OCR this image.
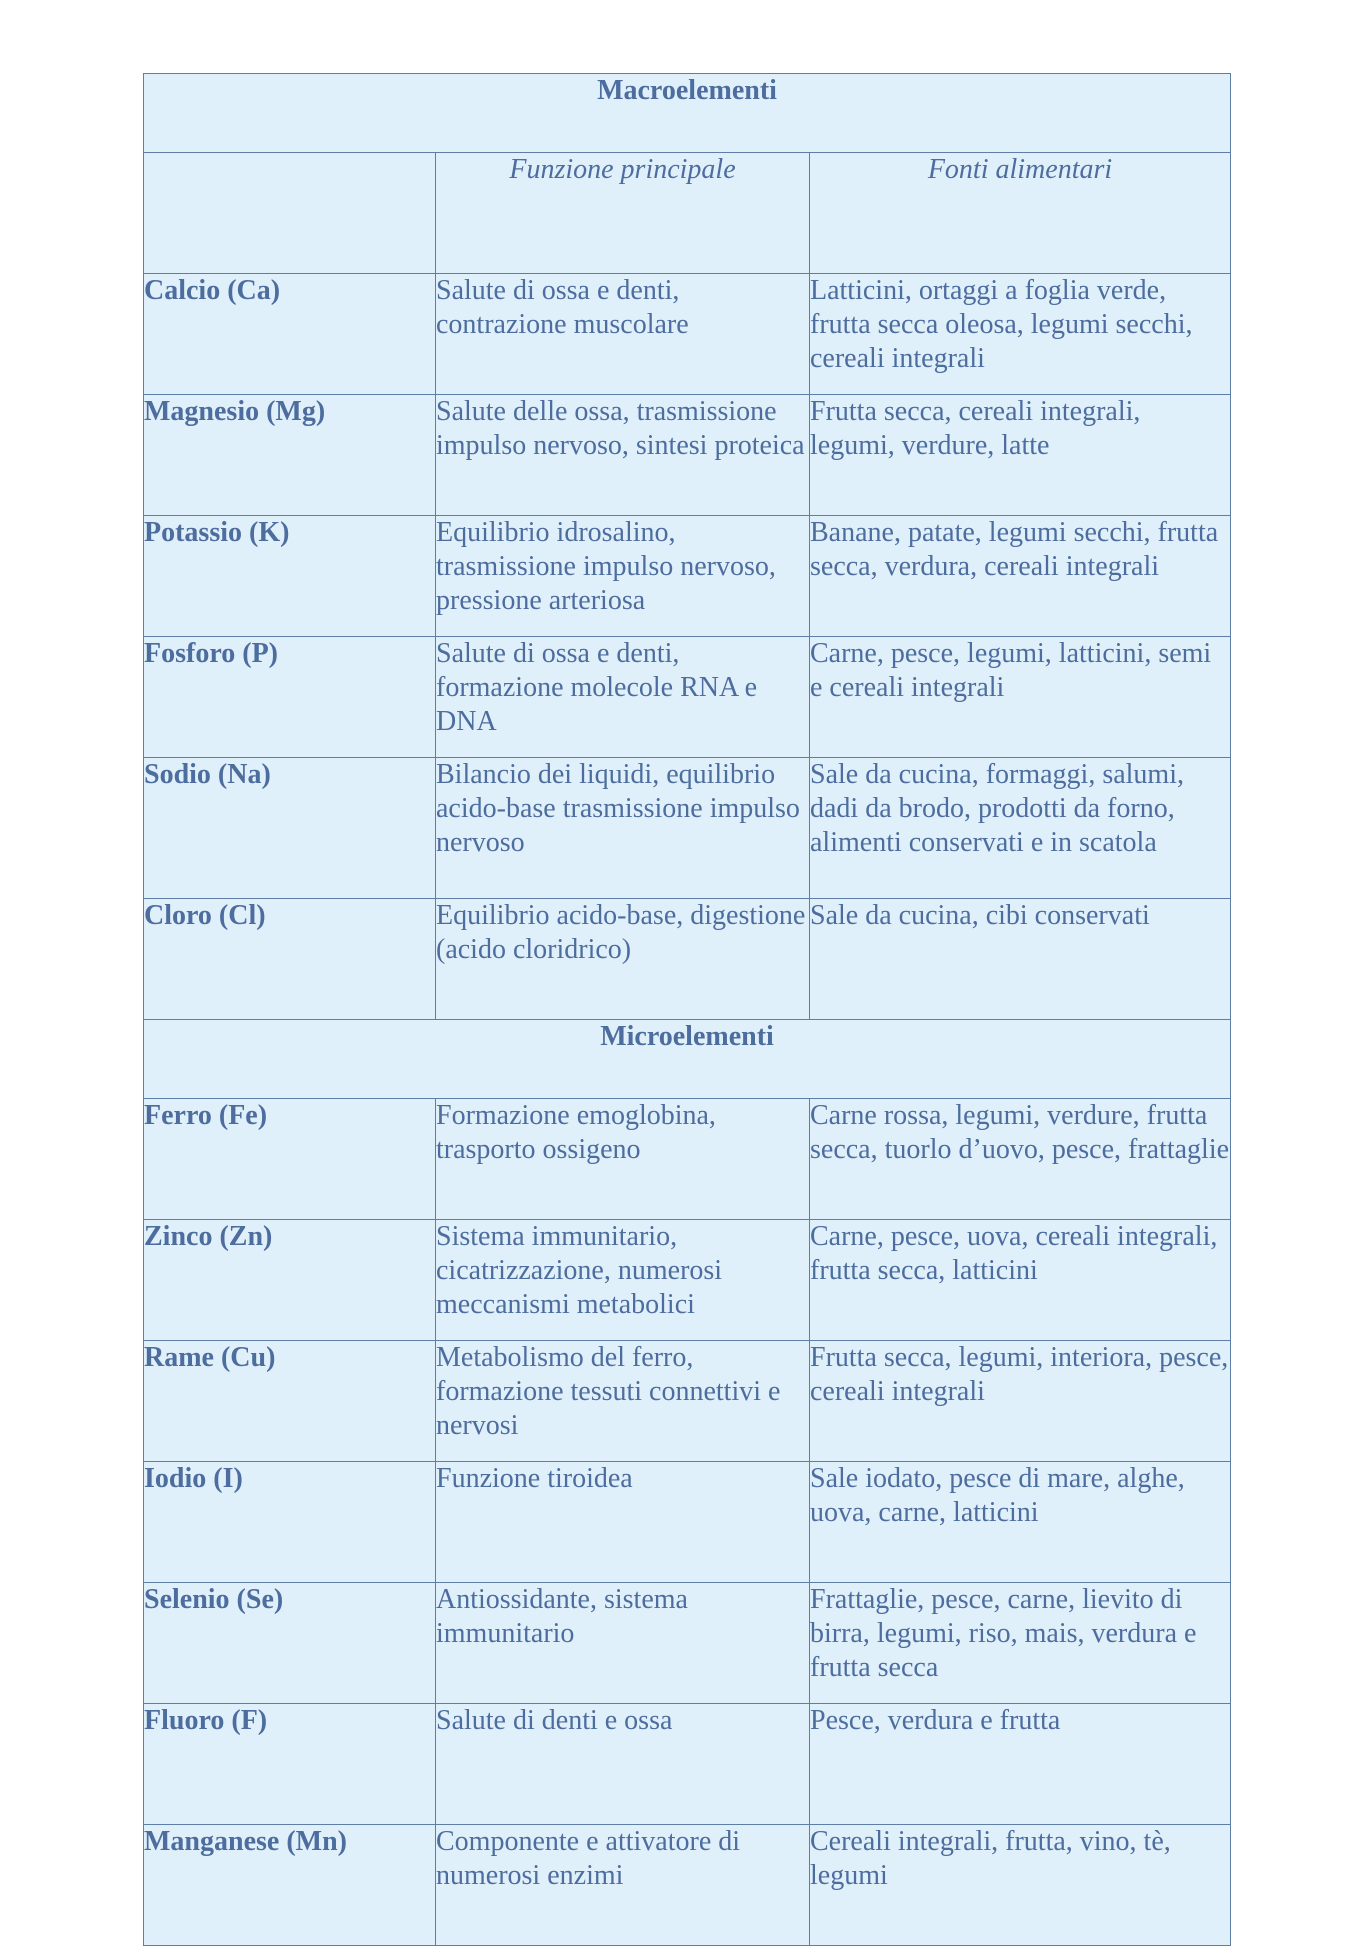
Macroelementi		
	Funzione principale	Fonti alimentari
Calcio (Ca)	Salute di ossa e denti, contrazione muscolare	Latticini, ortaggi a foglia verde, frutta secca oleosa, legumi secchi, cereali integrali
Magnesio (Mg)	Salute delle ossa, trasmissione impulso nervoso, sintesi proteica	Frutta secca, cereali integrali, legumi, verdure, latte
Potassio (K)	Equilibrio idrosalino, trasmissione impulso nervoso, pressione arteriosa	Banane, patate, legumi secchi, frutta secca, verdura, cereali integrali
Fosforo (P)	Salute di ossa e denti, formazione molecole RNA e DNA	Carne, pesce, legumi, latticini, semi e cereali integrali
Sodio (Na)	Bilancio dei liquidi, equilibrio acido-base trasmissione impulso nervoso	Sale da cucina, formaggi, salumi, dadi da brodo, prodotti da forno, alimenti conservati e in scatola
Cloro (Cl)	Equilibrio acido-base, digestione (acido cloridrico)	Sale da cucina, cibi conservati
Microelementi		
Ferro (Fe)	Formazione emoglobina, trasporto ossigeno	Carne rossa, legumi, verdure, frutta secca, tuorlo d’uovo, pesce, frattaglie
Zinco (Zn)	Sistema immunitario, cicatrizzazione, numerosi meccanismi metabolici	Carne, pesce, uova, cereali integrali, frutta secca, latticini
Rame (Cu)	Metabolismo del ferro, formazione tessuti connettivi e nervosi	Frutta secca, legumi, interiora, pesce, cereali integrali
Iodio (I)	Funzione tiroidea	Sale iodato, pesce di mare, alghe, uova, carne, latticini
Selenio (Se)	Antiossidante, sistema immunitario	Frattaglie, pesce, carne, lievito di birra, legumi, riso, mais, verdura e frutta secca
Fluoro (F)	Salute di denti e ossa	Pesce, verdura e frutta
Manganese (Mn)	Componente e attivatore di numerosi enzimi	Cereali integrali, frutta, vino, tè, legumi
